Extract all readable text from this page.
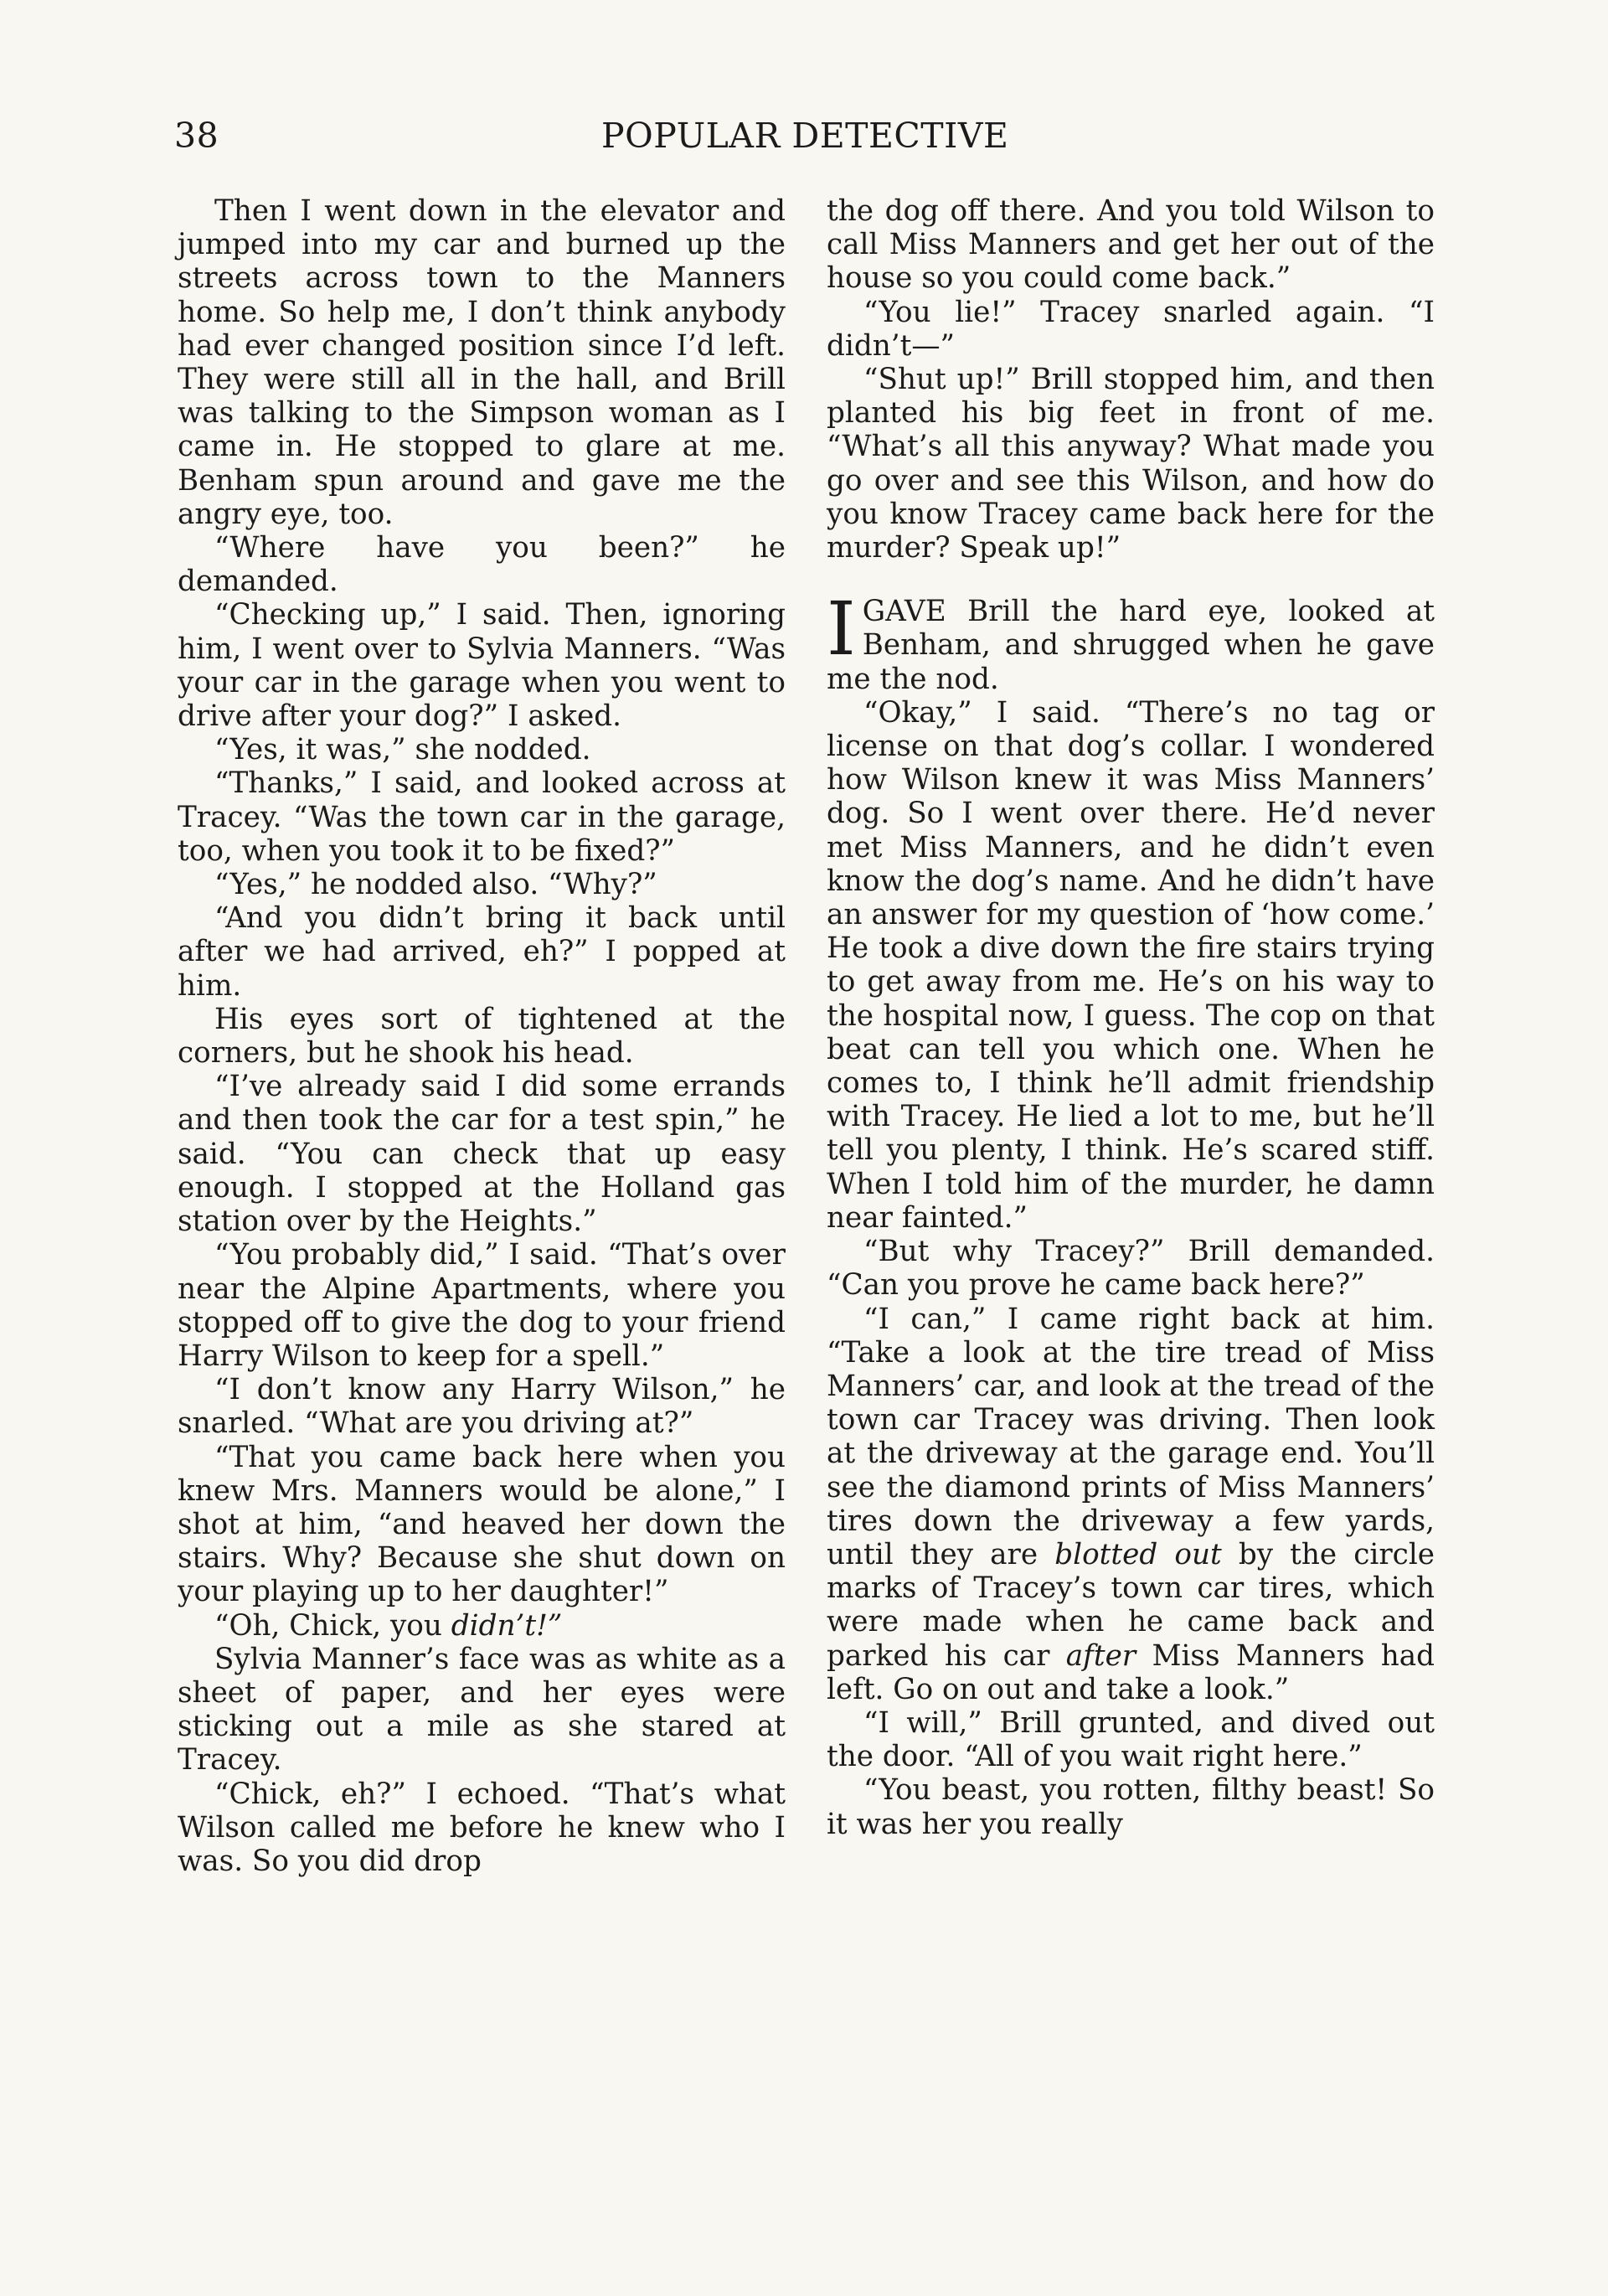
38	POPULAR DETECTIVE

Then I went down in the elevator and jumped into my car and burned up the streets across town to the Manners home. So help me, I don’t think anybody had ever changed position since I’d left. They were still all in the hall, and Brill was talking to the Simpson woman as I came in. He stopped to glare at me. Benham spun around and gave me the angry eye, too.

“Where have you been?” he demanded.

“Checking up,” I said. Then, ignoring him, I went over to Sylvia Manners. “Was your car in the garage when you went to drive after your dog?” I asked.

“Yes, it was,” she nodded.

“Thanks,” I said, and looked across at Tracey. “Was the town car in the garage, too, when you took it to be fixed?”

“Yes,” he nodded also. “Why?”

“And you didn’t bring it back until after we had arrived, eh?” I popped at him.

His eyes sort of tightened at the corners, but he shook his head.

“I’ve already said I did some errands and then took the car for a test spin,” he said. “You can check that up easy enough. I stopped at the Holland gas station over by the Heights.”

“You probably did,” I said. “That’s over near the Alpine Apartments, where you stopped off to give the dog to your friend Harry Wilson to keep for a spell.”

“I don’t know any Harry Wilson,” he snarled. “What are you driving at?”

“That you came back here when you knew Mrs. Manners would be alone,” I shot at him, “and heaved her down the stairs. Why? Because she shut down on your playing up to her daughter!”

“Oh, Chick, you didn’t!”

Sylvia Manner’s face was as white as a sheet of paper, and her eyes were sticking out a mile as she stared at Tracey.

“Chick, eh?” I echoed. “That’s what Wilson called me before he knew who I was. So you did drop

the dog off there. And you told Wilson to call Miss Manners and get her out of the house so you could come back.”

“You lie!” Tracey snarled again. “I didn’t—”

“Shut up!” Brill stopped him, and then planted his big feet in front of me. “What’s all this anyway? What made you go over and see this Wilson, and how do you know Tracey came back here for the murder? Speak up!”

I GAVE Brill the hard eye, looked at Benham, and shrugged when he gave me the nod.

“Okay,” I said. “There’s no tag or license on that dog’s collar. I wondered how Wilson knew it was Miss Manners’ dog. So I went over there. He’d never met Miss Manners, and he didn’t even know the dog’s name. And he didn’t have an answer for my question of ‘how come.’ He took a dive down the fire stairs trying to get away from me. He’s on his way to the hospital now, I guess. The cop on that beat can tell you which one. When he comes to, I think he’ll admit friendship with Tracey. He lied a lot to me, but he’ll tell you plenty, I think. He’s scared stiff. When I told him of the murder, he damn near fainted.”

“But why Tracey?” Brill demanded. “Can you prove he came back here?”

“I can,” I came right back at him. “Take a look at the tire tread of Miss Manners’ car, and look at the tread of the town car Tracey was driving. Then look at the driveway at the garage end. You’ll see the diamond prints of Miss Manners’ tires down the driveway a few yards, until they are blotted out by the circle marks of Tracey’s town car tires, which were made when he came back and parked his car after Miss Manners had left. Go on out and take a look.”

“I will,” Brill grunted, and dived out the door. “All of you wait right here.”

“You beast, you rotten, filthy beast! So it was her you really
